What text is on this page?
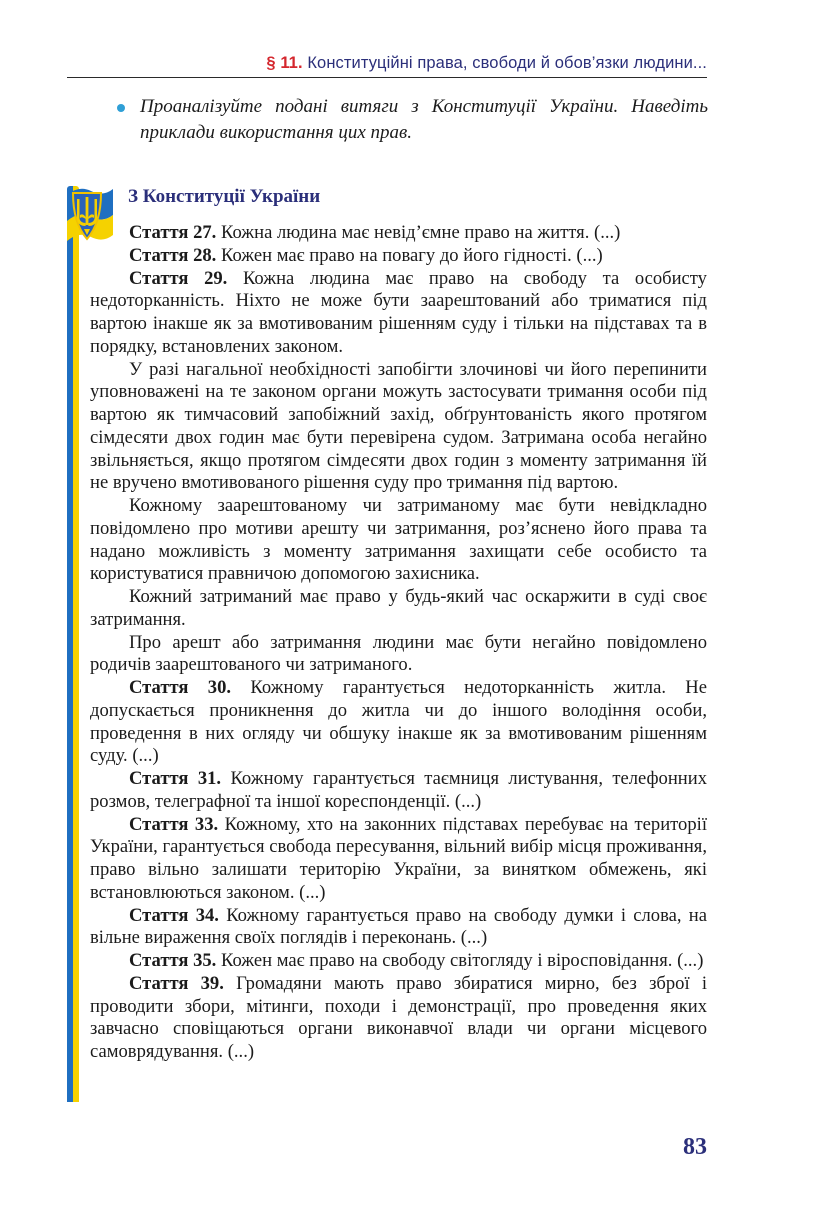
§ 11. Конституційні права, свободи й обов’язки людини...
Проаналізуйте подані витяги з Конституції України. Наведіть приклади використання цих прав.
З Конституції України

Стаття 27. Кожна людина має невід’ємне право на життя. (...)

Стаття 28. Кожен має право на повагу до його гідності. (...)

Стаття 29. Кожна людина має право на свободу та особисту недоторканність. Ніхто не може бути заарештований або триматися під вартою інакше як за вмотивованим рішенням суду і тільки на підставах та в порядку, встановлених законом.

У разі нагальної необхідності запобігти злочинові чи його перепинити уповноважені на те законом органи можуть застосувати тримання особи під вартою як тимчасовий запобіжний захід, обґрунтованість якого протягом сімдесяти двох годин має бути перевірена судом. Затримана особа негайно звільняється, якщо протягом сімдесяти двох годин з моменту затримання їй не вручено вмотивованого рішення суду про тримання під вартою.

Кожному заарештованому чи затриманому має бути невідкладно повідомлено про мотиви арешту чи затримання, роз’яснено його права та надано можливість з моменту затримання захищати себе особисто та користуватися правничою допомогою захисника.

Кожний затриманий має право у будь-який час оскаржити в суді своє затримання.

Про арешт або затримання людини має бути негайно повідомлено родичів заарештованого чи затриманого.

Стаття 30. Кожному гарантується недоторканність житла. Не допускається проникнення до житла чи до іншого володіння особи, проведення в них огляду чи обшуку інакше як за вмотивованим рішенням суду. (...)

Стаття 31. Кожному гарантується таємниця листування, телефонних розмов, телеграфної та іншої кореспонденції. (...)

Стаття 33. Кожному, хто на законних підставах перебуває на території України, гарантується свобода пересування, вільний вибір місця проживання, право вільно залишати територію України, за винятком обмежень, які встановлюються законом. (...)

Стаття 34. Кожному гарантується право на свободу думки і слова, на вільне вираження своїх поглядів і переконань. (...)

Стаття 35. Кожен має право на свободу світогляду і віросповідання. (...)

Стаття 39. Громадяни мають право збиратися мирно, без зброї і проводити збори, мітинги, походи і демонстрації, про проведення яких завчасно сповіщаються органи виконавчої влади чи органи місцевого самоврядування. (...)

83
